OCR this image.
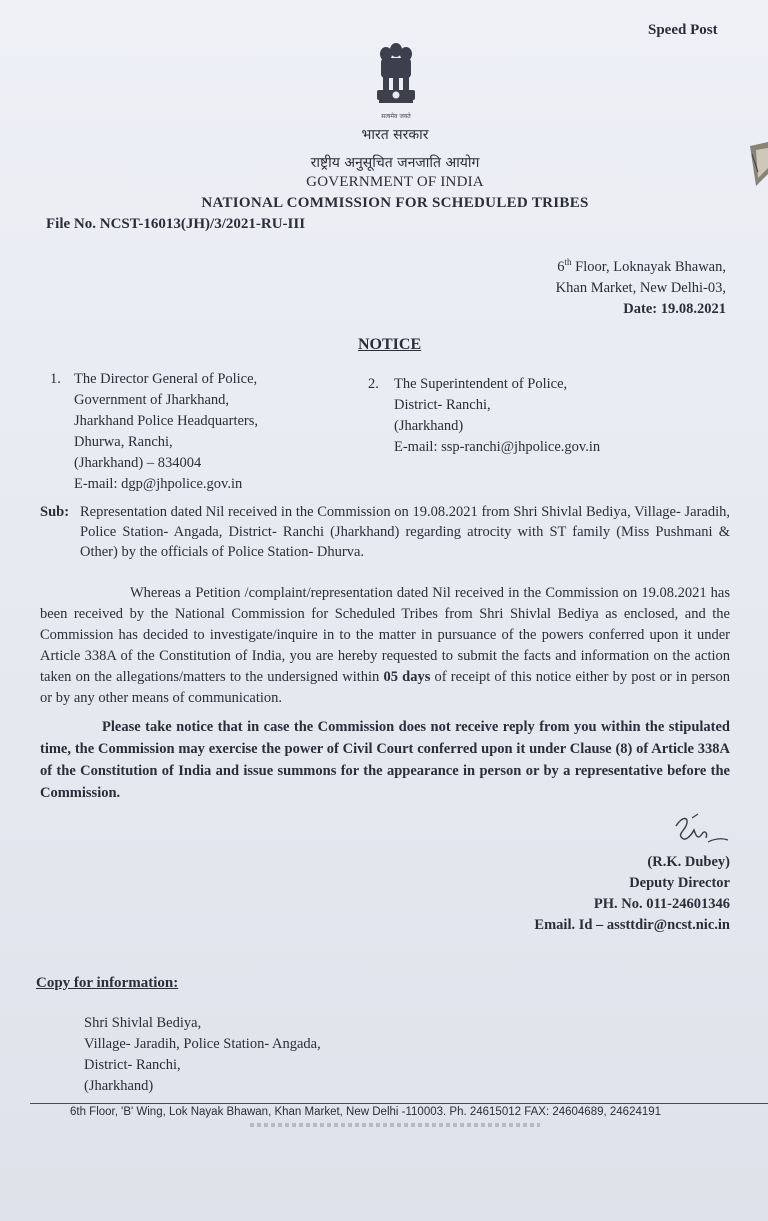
Speed Post
सत्यमेव जयते
भारत सरकार
राष्ट्रीय अनुसूचित जनजाति आयोग
GOVERNMENT OF INDIA
NATIONAL COMMISSION FOR SCHEDULED TRIBES
File No. NCST-16013(JH)/3/2021-RU-III
6th Floor, Loknayak Bhawan,
Khan Market, New Delhi-03,
Date: 19.08.2021
NOTICE
1. The Director General of Police,
Government of Jharkhand,
Jharkhand Police Headquarters,
Dhurwa, Ranchi,
(Jharkhand) – 834004
E-mail: dgp@jhpolice.gov.in
2. The Superintendent of Police,
District- Ranchi,
(Jharkhand)
E-mail: ssp-ranchi@jhpolice.gov.in
Sub: Representation dated Nil received in the Commission on 19.08.2021 from Shri Shivlal Bediya, Village- Jaradih, Police Station- Angada, District- Ranchi (Jharkhand) regarding atrocity with ST family (Miss Pushmani & Other) by the officials of Police Station- Dhurva.
Whereas a Petition /complaint/representation dated Nil received in the Commission on 19.08.2021 has been received by the National Commission for Scheduled Tribes from Shri Shivlal Bediya as enclosed, and the Commission has decided to investigate/inquire in to the matter in pursuance of the powers conferred upon it under Article 338A of the Constitution of India, you are hereby requested to submit the facts and information on the action taken on the allegations/matters to the undersigned within 05 days of receipt of this notice either by post or in person or by any other means of communication.
Please take notice that in case the Commission does not receive reply from you within the stipulated time, the Commission may exercise the power of Civil Court conferred upon it under Clause (8) of Article 338A of the Constitution of India and issue summons for the appearance in person or by a representative before the Commission.
(R.K. Dubey)
Deputy Director
PH. No. 011-24601346
Email. Id – assttdir@ncst.nic.in
Copy for information:
Shri Shivlal Bediya,
Village- Jaradih, Police Station- Angada,
District- Ranchi,
(Jharkhand)
6th Floor, 'B' Wing, Lok Nayak Bhawan, Khan Market, New Delhi -110003. Ph. 24615012 FAX: 24604689, 24624191
